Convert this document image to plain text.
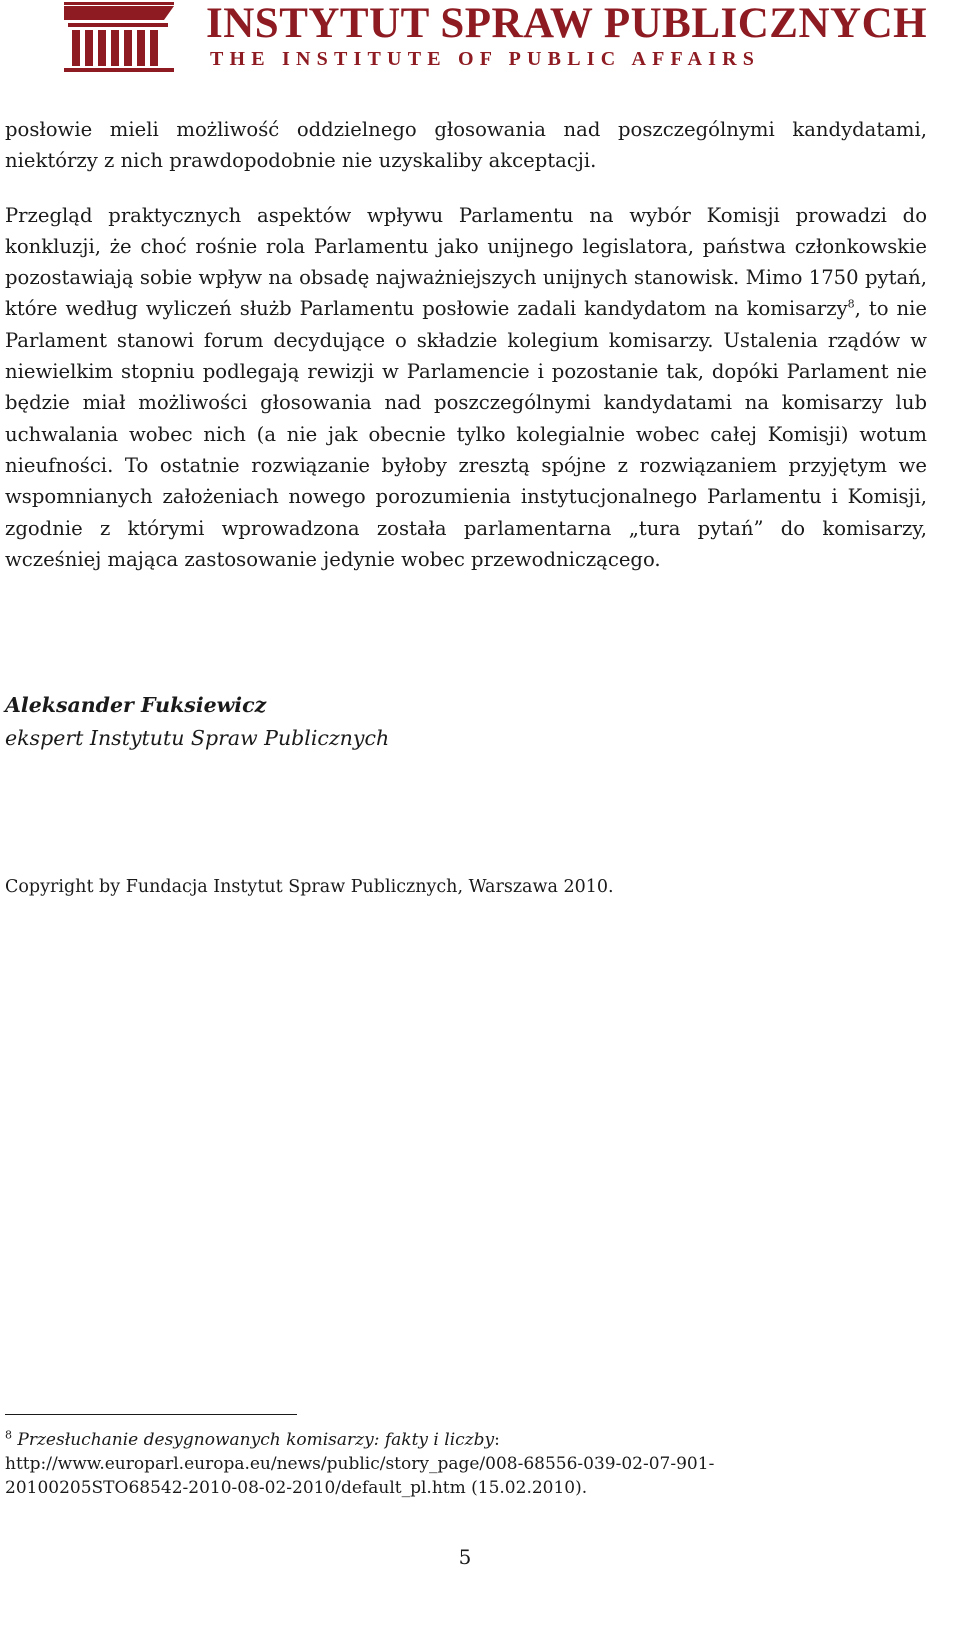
INSTYTUT SPRAW PUBLICZNYCH

THE INSTITUTE OF PUBLIC AFFAIRS

posłowie mieli możliwość oddzielnego głosowania nad poszczególnymi kandydatami, niektórzy z nich prawdopodobnie nie uzyskaliby akceptacji.

Przegląd praktycznych aspektów wpływu Parlamentu na wybór Komisji prowadzi do konkluzji, że choć rośnie rola Parlamentu jako unijnego legislatora, państwa członkowskie pozostawiają sobie wpływ na obsadę najważniejszych unijnych stanowisk. Mimo 1750 pytań, które według wyliczeń służb Parlamentu posłowie zadali kandydatom na komisarzy$^8$, to nie Parlament stanowi forum decydujące o składzie kolegium komisarzy. Ustalenia rządów w niewielkim stopniu podlegają rewizji w Parlamencie i pozostanie tak, dopóki Parlament nie będzie miał możliwości głosowania nad poszczególnymi kandydatami na komisarzy lub uchwalania wobec nich (a nie jak obecnie tylko kolegialnie wobec całej Komisji) wotum nieufności. To ostatnie rozwiązanie byłoby zresztą spójne z rozwiązaniem przyjętym we wspomnianych założeniach nowego porozumienia instytucjonalnego Parlamentu i Komisji, zgodnie z którymi wprowadzona została parlamentarna „tura pytań” do komisarzy, wcześniej mająca zastosowanie jedynie wobec przewodniczącego.

Aleksander Fuksiewicz

ekspert Instytutu Spraw Publicznych

Copyright by Fundacja Instytut Spraw Publicznych, Warszawa 2010.

$^8$ Przesłuchanie desygnowanych komisarzy: fakty i liczby:
http://www.europarl.europa.eu/news/public/story_page/008-68556-039-02-07-901-
20100205STO68542-2010-08-02-2010/default_pl.htm (15.02.2010).

5
